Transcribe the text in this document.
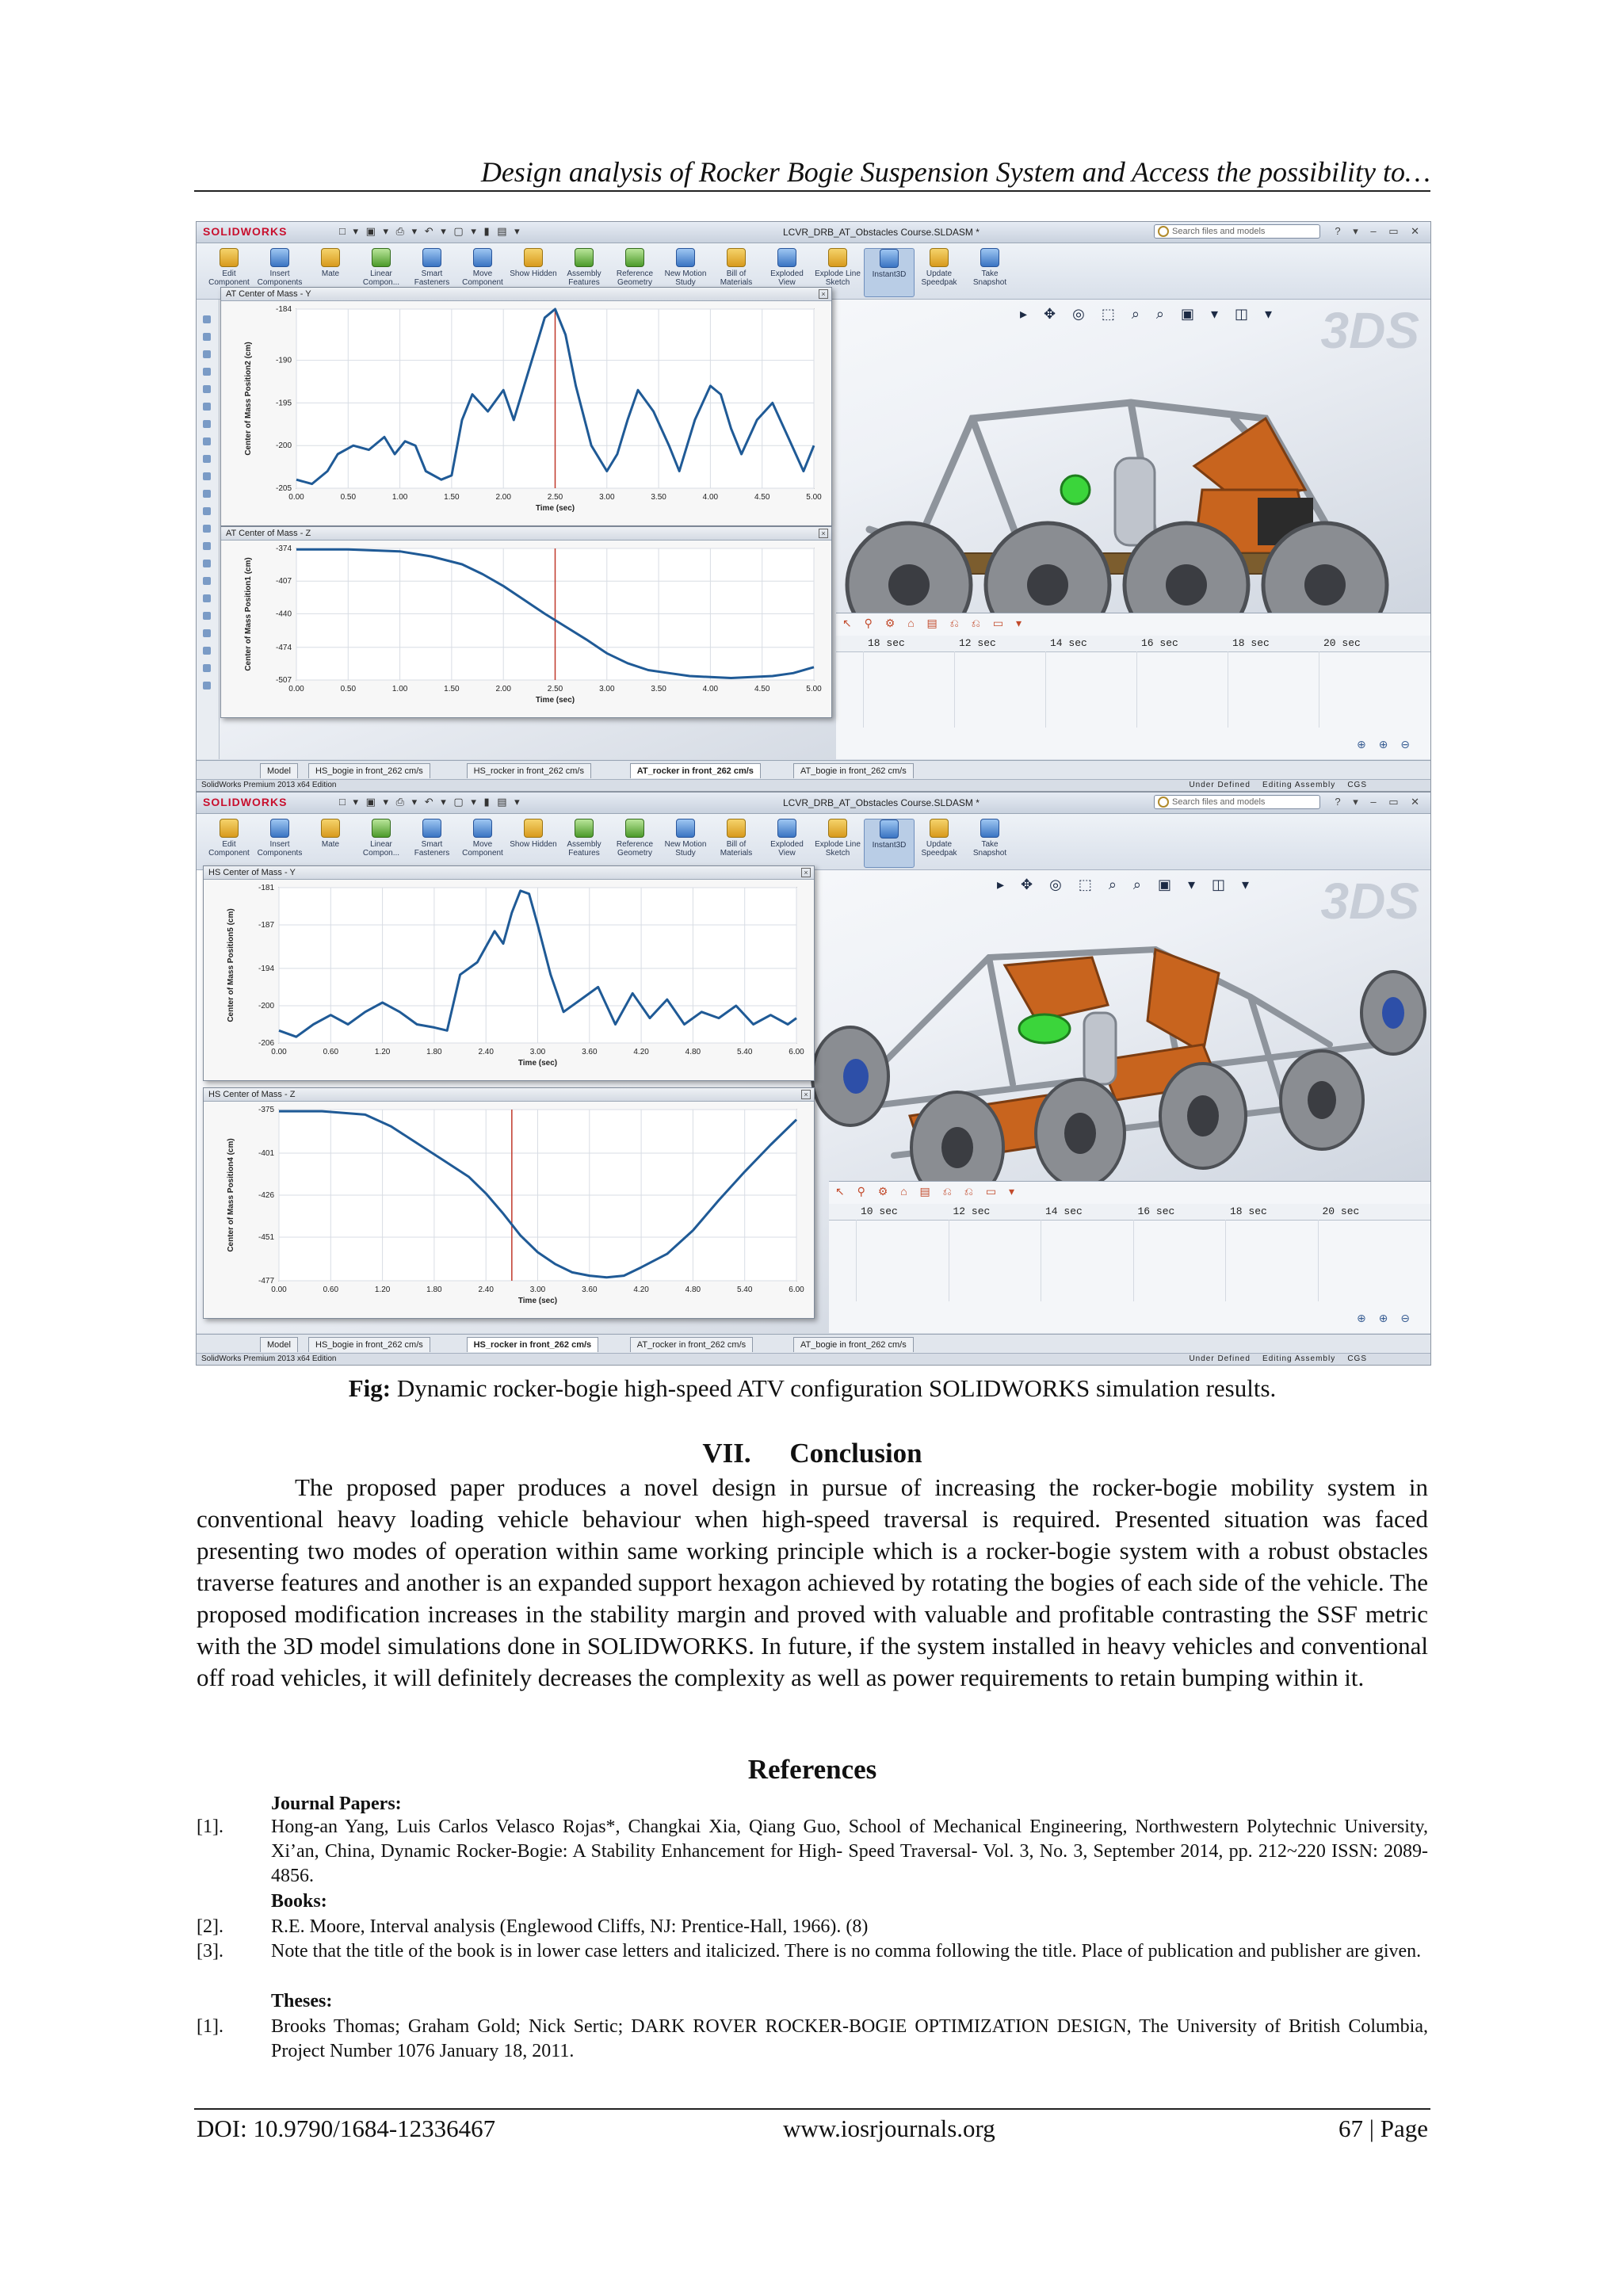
Design analysis of Rocker Bogie Suspension System and Access the possibility to…
SOLIDWORKS	□ ▾ ▣ ▾ ⎙ ▾ ↶ ▾ ▢ ▾ ▮ ▤ ▾	LCVR_DRB_AT_Obstacles Course.SLDASM *	Search files and models	? ▾ – ▭ ✕
Edit Component
Insert Components
Mate	Linear Compon...
Smart Fasteners
Move Component
Show Hidden	Assembly Features
Reference Geometry
New Motion Study
Bill of Materials
Exploded View
Explode Line Sketch
Instant3D	Update Speedpak
Take Snapshot
▸ ✥ ◎ ⬚ ⌕ ⌕ ▣ ▾ ◫ ▾ 3DS
↖ ⚲ ⚙ ⌂ ▤ ⎌ ⎌ ▭ ▾
⊕ ⊕ ⊖
18 sec	12 sec	14 sec	16 sec	18 sec	20 sec
Model	HS_bogie in front_262 cm/s	HS_rocker in front_262 cm/s	AT_rocker in front_262 cm/s	AT_bogie in front_262 cm/s
SolidWorks Premium 2013 x64 Edition	Under Defined Editing Assembly CGS
AT Center of Mass - Y	×
0.00	0.50	1.00	1.50	2.00	2.50	3.00	3.50	4.00	4.50	5.00
-184
-190
-195
-200
-205
Time (sec)
Center of Mass Position2 (cm)
AT Center of Mass - Z	×
0.00	0.50	1.00	1.50	2.00	2.50	3.00	3.50	4.00	4.50	5.00
-374
-407
-440
-474
-507
Time (sec)
Center of Mass Position1 (cm)
SOLIDWORKS	□ ▾ ▣ ▾ ⎙ ▾ ↶ ▾ ▢ ▾ ▮ ▤ ▾	LCVR_DRB_AT_Obstacles Course.SLDASM *	Search files and models	? ▾ – ▭ ✕
Edit Component
Insert Components
Mate	Linear Compon...
Smart Fasteners
Move Component
Show Hidden	Assembly Features
Reference Geometry
New Motion Study
Bill of Materials
Exploded View
Explode Line Sketch
Instant3D	Update Speedpak
Take Snapshot
▸ ✥ ◎ ⬚ ⌕ ⌕ ▣ ▾ ◫ ▾ 3DS
↖ ⚲ ⚙ ⌂ ▤ ⎌ ⎌ ▭ ▾
⊕ ⊕ ⊖
10 sec	12 sec	14 sec	16 sec	18 sec	20 sec
Model	HS_bogie in front_262 cm/s	HS_rocker in front_262 cm/s	AT_rocker in front_262 cm/s	AT_bogie in front_262 cm/s
SolidWorks Premium 2013 x64 Edition	Under Defined Editing Assembly CGS
HS Center of Mass - Y	×
0.00	0.60	1.20	1.80	2.40	3.00	3.60	4.20	4.80	5.40	6.00
-181
-187
-194
-200
-206
Time (sec)
Center of Mass Position5 (cm)
HS Center of Mass - Z	×
0.00	0.60	1.20	1.80	2.40	3.00	3.60	4.20	4.80	5.40	6.00
-375
-401
-426
-451
-477
Time (sec)
Center of Mass Position4 (cm)
Fig: Dynamic rocker-bogie high-speed ATV configuration SOLIDWORKS simulation results.
VII. Conclusion
The proposed paper produces a novel design in pursue of increasing the rocker-bogie mobility system in conventional heavy loading vehicle behaviour when high-speed traversal is required. Presented situation was faced presenting two modes of operation within same working principle which is a rocker-bogie system with a robust obstacles traverse features and another is an expanded support hexagon achieved by rotating the bogies of each side of the vehicle. The proposed modification increases in the stability margin and proved with valuable and profitable contrasting the SSF metric with the 3D model simulations done in SOLIDWORKS. In future, if the system installed in heavy vehicles and conventional off road vehicles, it will definitely decreases the complexity as well as power requirements to retain bumping within it.
References
Journal Papers:
[1].	Hong-an Yang, Luis Carlos Velasco Rojas*, Changkai Xia, Qiang Guo, School of Mechanical Engineering, Northwestern Polytechnic University, Xi’an, China, Dynamic Rocker-Bogie: A Stability Enhancement for High- Speed Traversal- Vol. 3, No. 3, September 2014, pp. 212~220 ISSN: 2089-4856.
Books:
[2].	R.E. Moore, Interval analysis (Englewood Cliffs, NJ: Prentice-Hall, 1966). (8)
[3].	Note that the title of the book is in lower case letters and italicized. There is no comma following the title. Place of publication and publisher are given.
Theses:
[1].	Brooks Thomas; Graham Gold; Nick Sertic; DARK ROVER ROCKER-BOGIE OPTIMIZATION DESIGN, The University of British Columbia, Project Number 1076 January 18, 2011.
DOI: 10.9790/1684-12336467	www.iosrjournals.org	67 | Page
